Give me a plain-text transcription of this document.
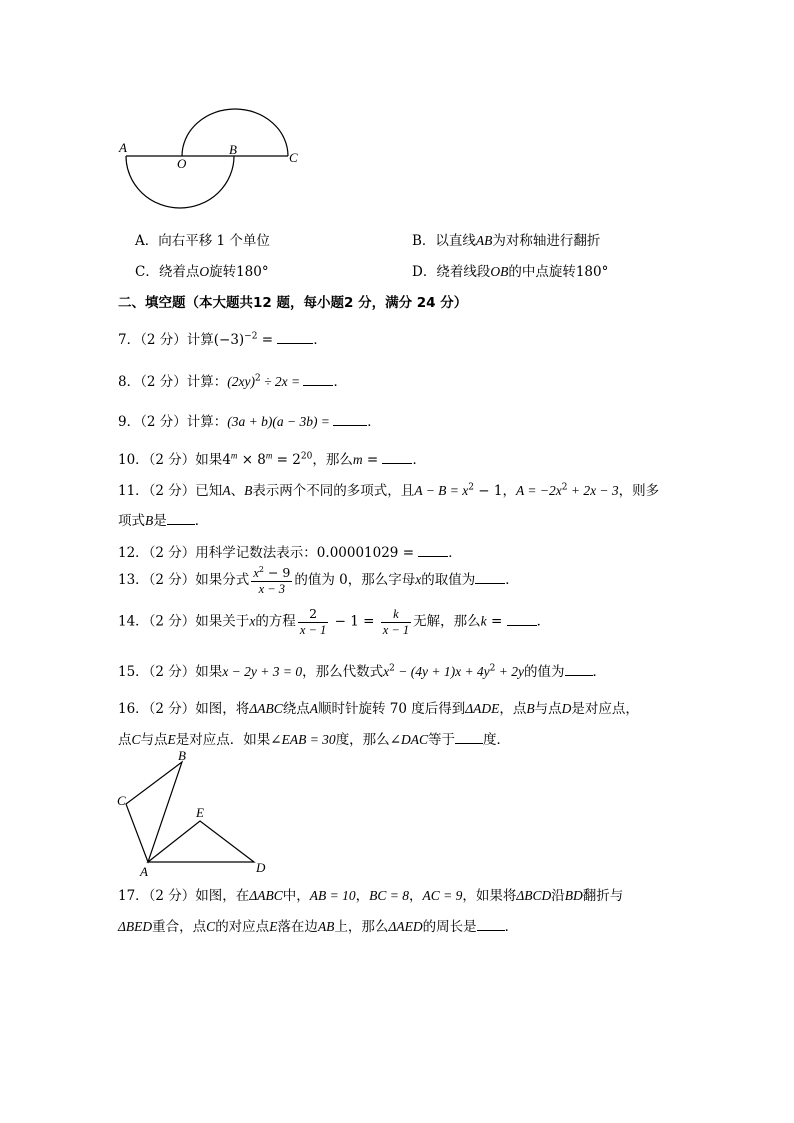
A
O
B
C
A．向右平移 1 个单位	B．以直线AB为对称轴进行翻折
C．绕着点O旋转180°	D．绕着线段OB的中点旋转180°
二、填空题（本大题共12 题，每小题2 分，满分 24 分）
7．（2 分）计算$(-3)^{-2}$ =	．
8．（2 分）计算：$(2xy)^2 \div 2x$ = ．
9．（2 分）计算：(3a + b)(a − 3b) =	．
10．（2 分）如果$4^m \times 8^m = 2^{20}$，那么m = ．
11．（2 分）已知A、B表示两个不同的多项式，且$A - B = x^2 - 1$，$A = -2x^2 + 2x - 3$，则多
项式B是 ．
12．（2 分）用科学记数法表示：0.00001029 = ．
13．（2 分）如果分式 $\frac{x^2 - 9}{x - 3}$ 的值为 0，那么字母x的取值为 ．
14．（2 分）如果关于x的方程 $\frac{2}{x - 1} - 1 = \frac{k}{x - 1}$ 无解，那么k = ．
15．（2 分）如果x − 2y + 3 = 0，那么代数式$x^2 - (4y + 1)x + 4y^2 + 2y$的值为 ．
16．（2 分）如图，将ΔABC绕点A顺时针旋转 70 度后得到ΔADE，点B与点D是对应点，
点C与点E是对应点．如果∠EAB = 30度，那么∠DAC等于 度．
B
C
E
A	D
17．（2 分）如图，在ΔABC中，AB = 10，BC = 8，AC = 9，如果将ΔBCD沿BD翻折与
ΔBED重合，点C的对应点E落在边AB上，那么ΔAED的周长是 ．
